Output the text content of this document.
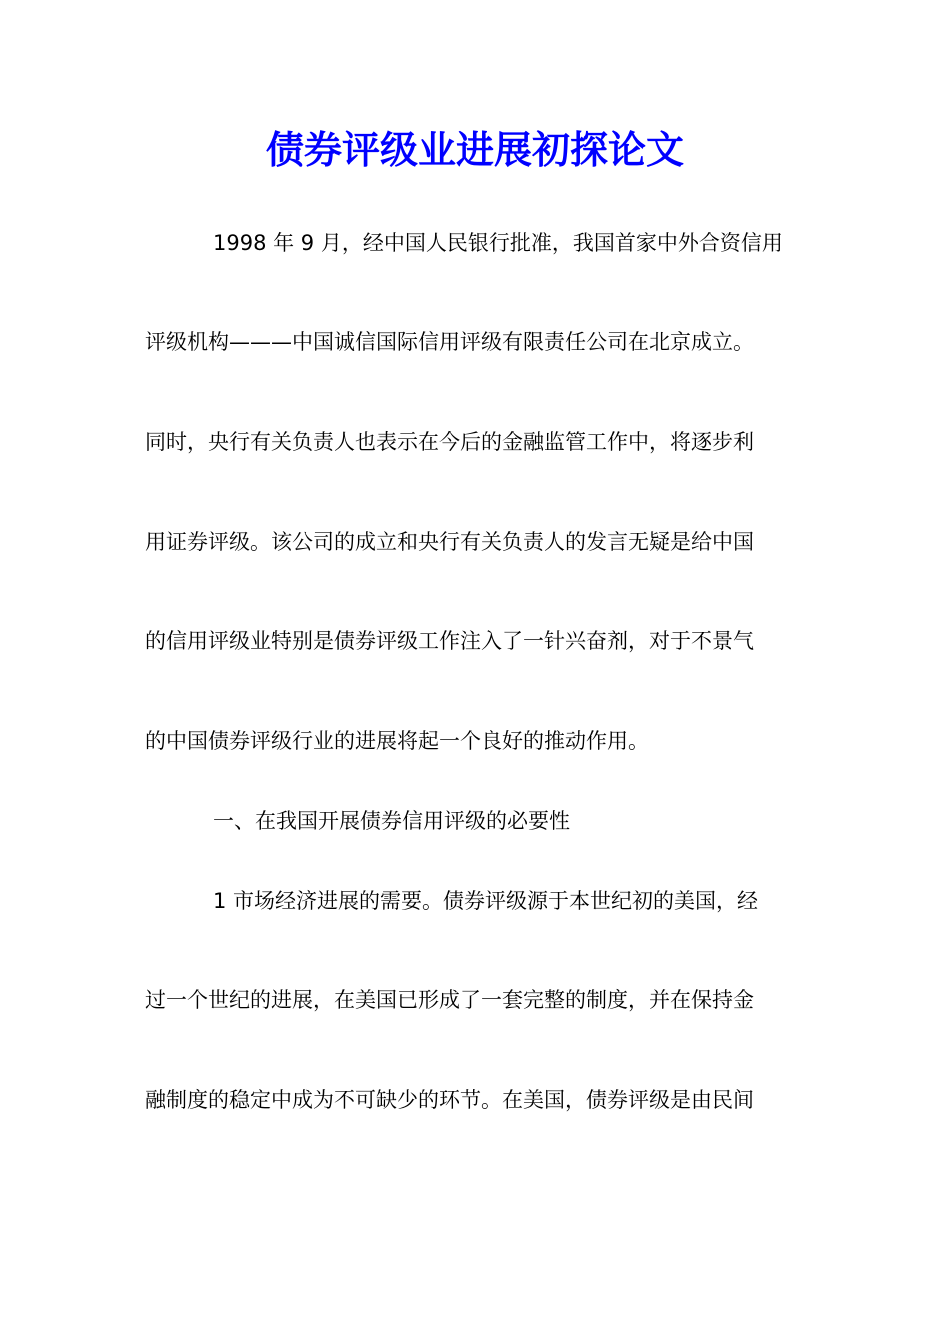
债券评级业进展初探论文
1998 年 9 月，经中国人民银行批准，我国首家中外合资信用
评级机构———中国诚信国际信用评级有限责任公司在北京成立。
同时，央行有关负责人也表示在今后的金融监管工作中，将逐步利
用证券评级。该公司的成立和央行有关负责人的发言无疑是给中国
的信用评级业特别是债券评级工作注入了一针兴奋剂，对于不景气
的中国债券评级行业的进展将起一个良好的推动作用。
一、在我国开展债券信用评级的必要性
1 市场经济进展的需要。债券评级源于本世纪初的美国，经
过一个世纪的进展，在美国已形成了一套完整的制度，并在保持金
融制度的稳定中成为不可缺少的环节。在美国，债券评级是由民间
